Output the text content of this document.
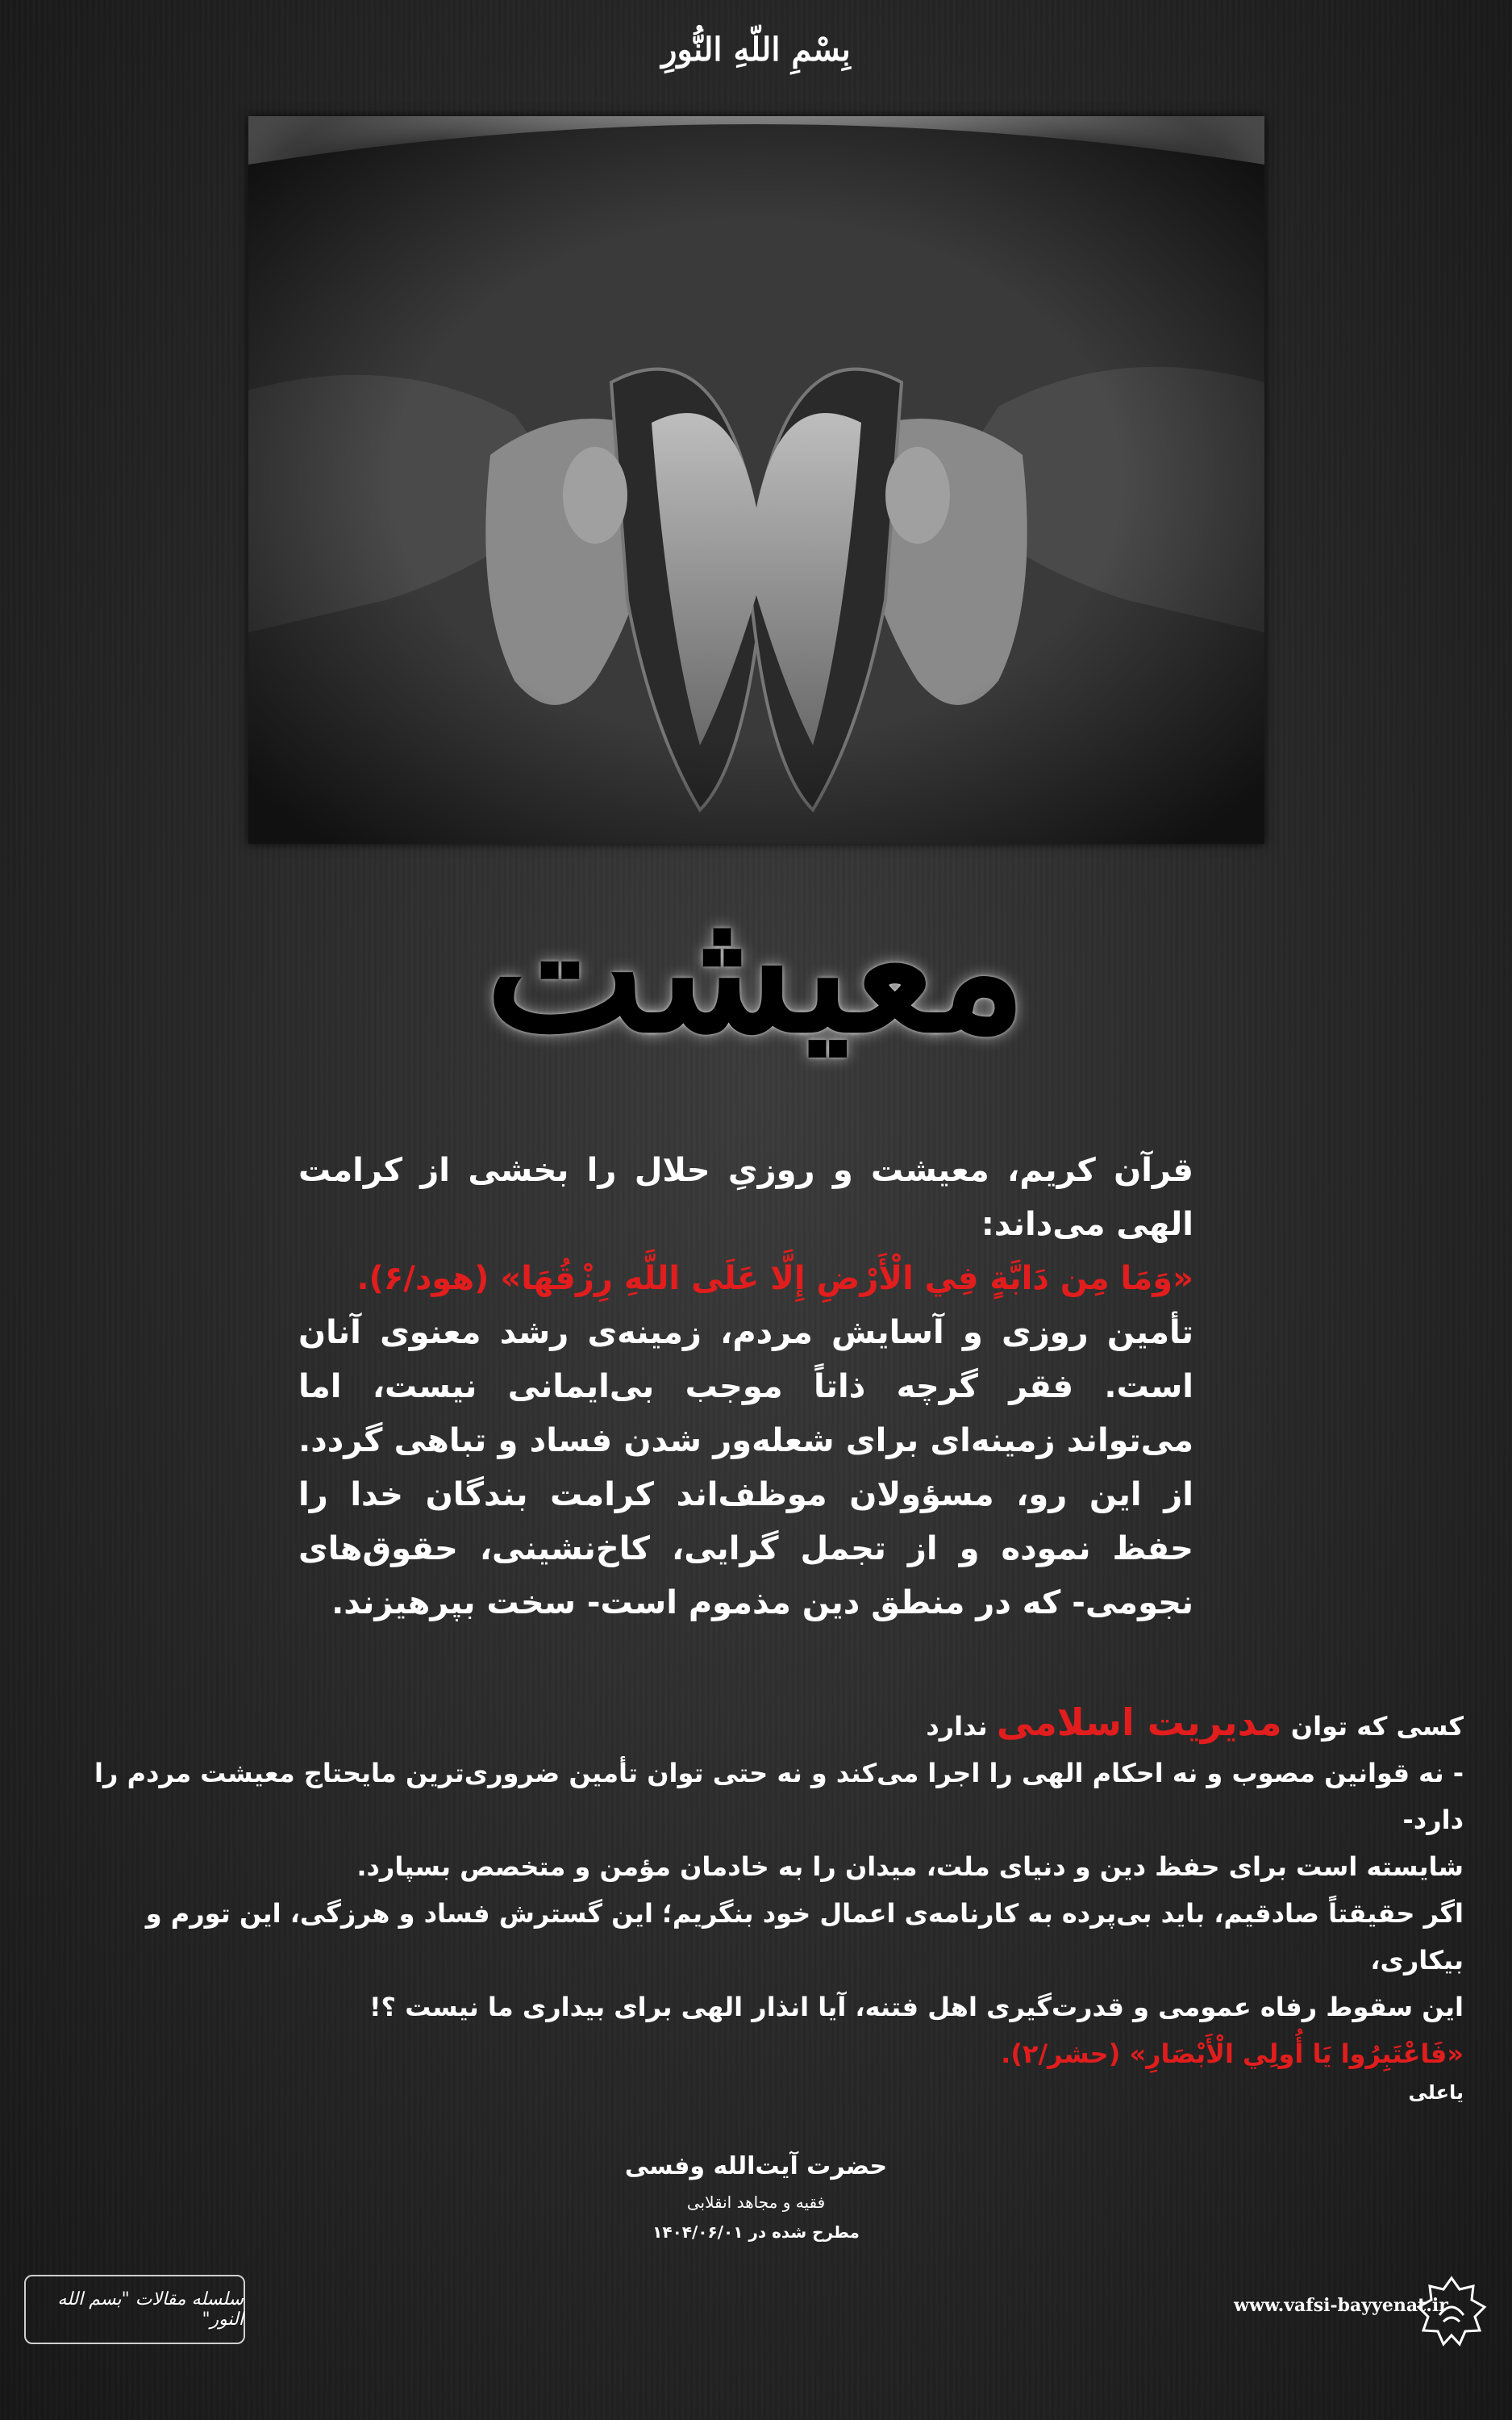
بِسْمِ اللّهِ النُّورِ
معیشت

قرآن کریم، معیشت و روزیِ حلال را بخشی از کرامت الهی می‌داند:

«وَمَا مِن دَابَّةٍ فِي الْأَرْضِ إِلَّا عَلَى اللَّهِ رِزْقُهَا» (هود/۶).

تأمین روزی و آسایش مردم، زمینه‌ی رشد معنوی آنان است. فقر گرچه ذاتاً موجب بی‌ایمانی نیست، اما می‌تواند زمینه‌ای برای شعله‌ور شدن فساد و تباهی گردد. از این رو، مسؤولان موظف‌اند کرامت بندگان خدا را حفظ نموده و از تجمل گرایی، کاخ‌نشینی، حقوق‌های نجومی- که در منطق دین مذموم است- سخت بپرهیزند.

کسی که توان مدیریت اسلامی ندارد

- نه قوانین مصوب و نه احکام الهی را اجرا می‌کند و نه حتی توان تأمین ضروری‌ترین مایحتاج معیشت مردم را دارد-

شایسته است برای حفظ دین و دنیای ملت، میدان را به خادمان مؤمن و متخصص بسپارد.

اگر حقیقتاً صادقیم، باید بی‌پرده به کارنامه‌ی اعمال خود بنگریم؛ این گسترش فساد و هرزگی، این تورم و بیکاری،

این سقوط رفاه عمومی و قدرت‌گیری اهل فتنه، آیا انذار الهی برای بیداری ما نیست ؟!

«فَاعْتَبِرُوا يَا أُولِي الْأَبْصَارِ» (حشر/۲).

یاعلی

حضرت آیت‌الله وفسی
فقیه و مجاهد انقلابی
مطرح شده در ۱۴۰۴/۰۶/۰۱
سلسله مقالات "بسم الله النور"
www.vafsi-bayyenat.ir
